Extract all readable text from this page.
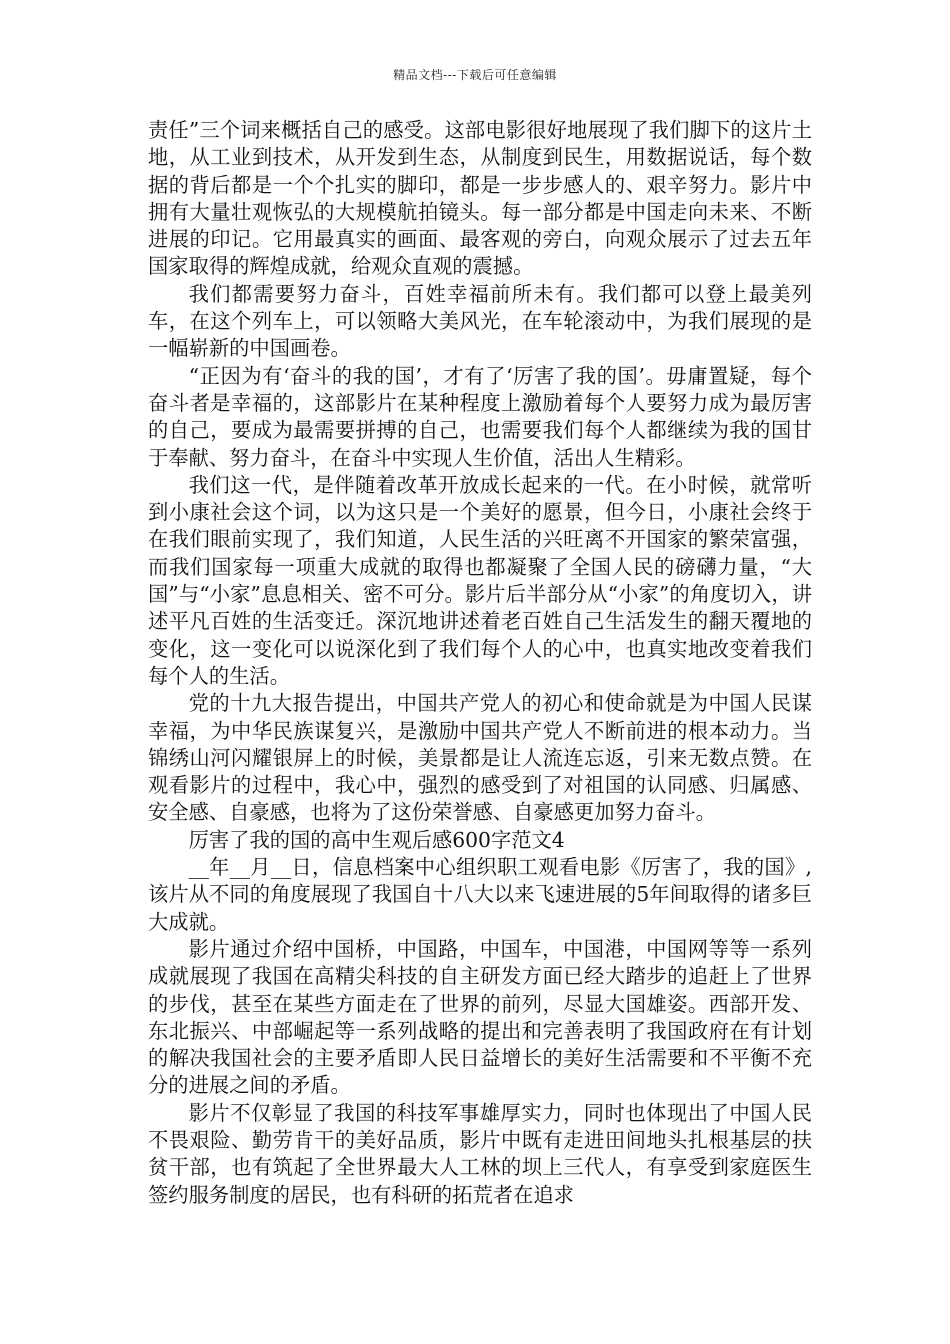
精品文档---下载后可任意编辑

责任”三个词来概括自己的感受。这部电影很好地展现了我们脚下的这片土地，从工业到技术，从开发到生态，从制度到民生，用数据说话，每个数据的背后都是一个个扎实的脚印，都是一步步感人的、艰辛努力。影片中拥有大量壮观恢弘的大规模航拍镜头。每一部分都是中国走向未来、不断进展的印记。它用最真实的画面、最客观的旁白，向观众展示了过去五年国家取得的辉煌成就，给观众直观的震撼。

我们都需要努力奋斗，百姓幸福前所未有。我们都可以登上最美列车，在这个列车上，可以领略大美风光，在车轮滚动中，为我们展现的是一幅崭新的中国画卷。

“正因为有‘奋斗的我的国’，才有了‘厉害了我的国’。毋庸置疑，每个奋斗者是幸福的，这部影片在某种程度上激励着每个人要努力成为最厉害的自己，要成为最需要拼搏的自己，也需要我们每个人都继续为我的国甘于奉献、努力奋斗，在奋斗中实现人生价值，活出人生精彩。

我们这一代，是伴随着改革开放成长起来的一代。在小时候，就常听到小康社会这个词，以为这只是一个美好的愿景，但今日，小康社会终于在我们眼前实现了，我们知道，人民生活的兴旺离不开国家的繁荣富强，而我们国家每一项重大成就的取得也都凝聚了全国人民的磅礴力量，“大国”与“小家”息息相关、密不可分。影片后半部分从“小家”的角度切入，讲述平凡百姓的生活变迁。深沉地讲述着老百姓自己生活发生的翻天覆地的变化，这一变化可以说深化到了我们每个人的心中，也真实地改变着我们每个人的生活。

党的十九大报告提出，中国共产党人的初心和使命就是为中国人民谋幸福，为中华民族谋复兴，是激励中国共产党人不断前进的根本动力。当锦绣山河闪耀银屏上的时候，美景都是让人流连忘返，引来无数点赞。在观看影片的过程中，我心中，强烈的感受到了对祖国的认同感、归属感、安全感、自豪感，也将为了这份荣誉感、自豪感更加努力奋斗。

厉害了我的国的高中生观后感600字范文4

__年__月__日，信息档案中心组织职工观看电影《厉害了，我的国》,该片从不同的角度展现了我国自十八大以来飞速进展的5年间取得的诸多巨大成就。

影片通过介绍中国桥，中国路，中国车，中国港，中国网等等一系列成就展现了我国在高精尖科技的自主研发方面已经大踏步的追赶上了世界的步伐，甚至在某些方面走在了世界的前列，尽显大国雄姿。西部开发、东北振兴、中部崛起等一系列战略的提出和完善表明了我国政府在有计划的解决我国社会的主要矛盾即人民日益增长的美好生活需要和不平衡不充分的进展之间的矛盾。

影片不仅彰显了我国的科技军事雄厚实力，同时也体现出了中国人民不畏艰险、勤劳肯干的美好品质，影片中既有走进田间地头扎根基层的扶贫干部，也有筑起了全世界最大人工林的坝上三代人，有享受到家庭医生签约服务制度的居民，也有科研的拓荒者在追求
